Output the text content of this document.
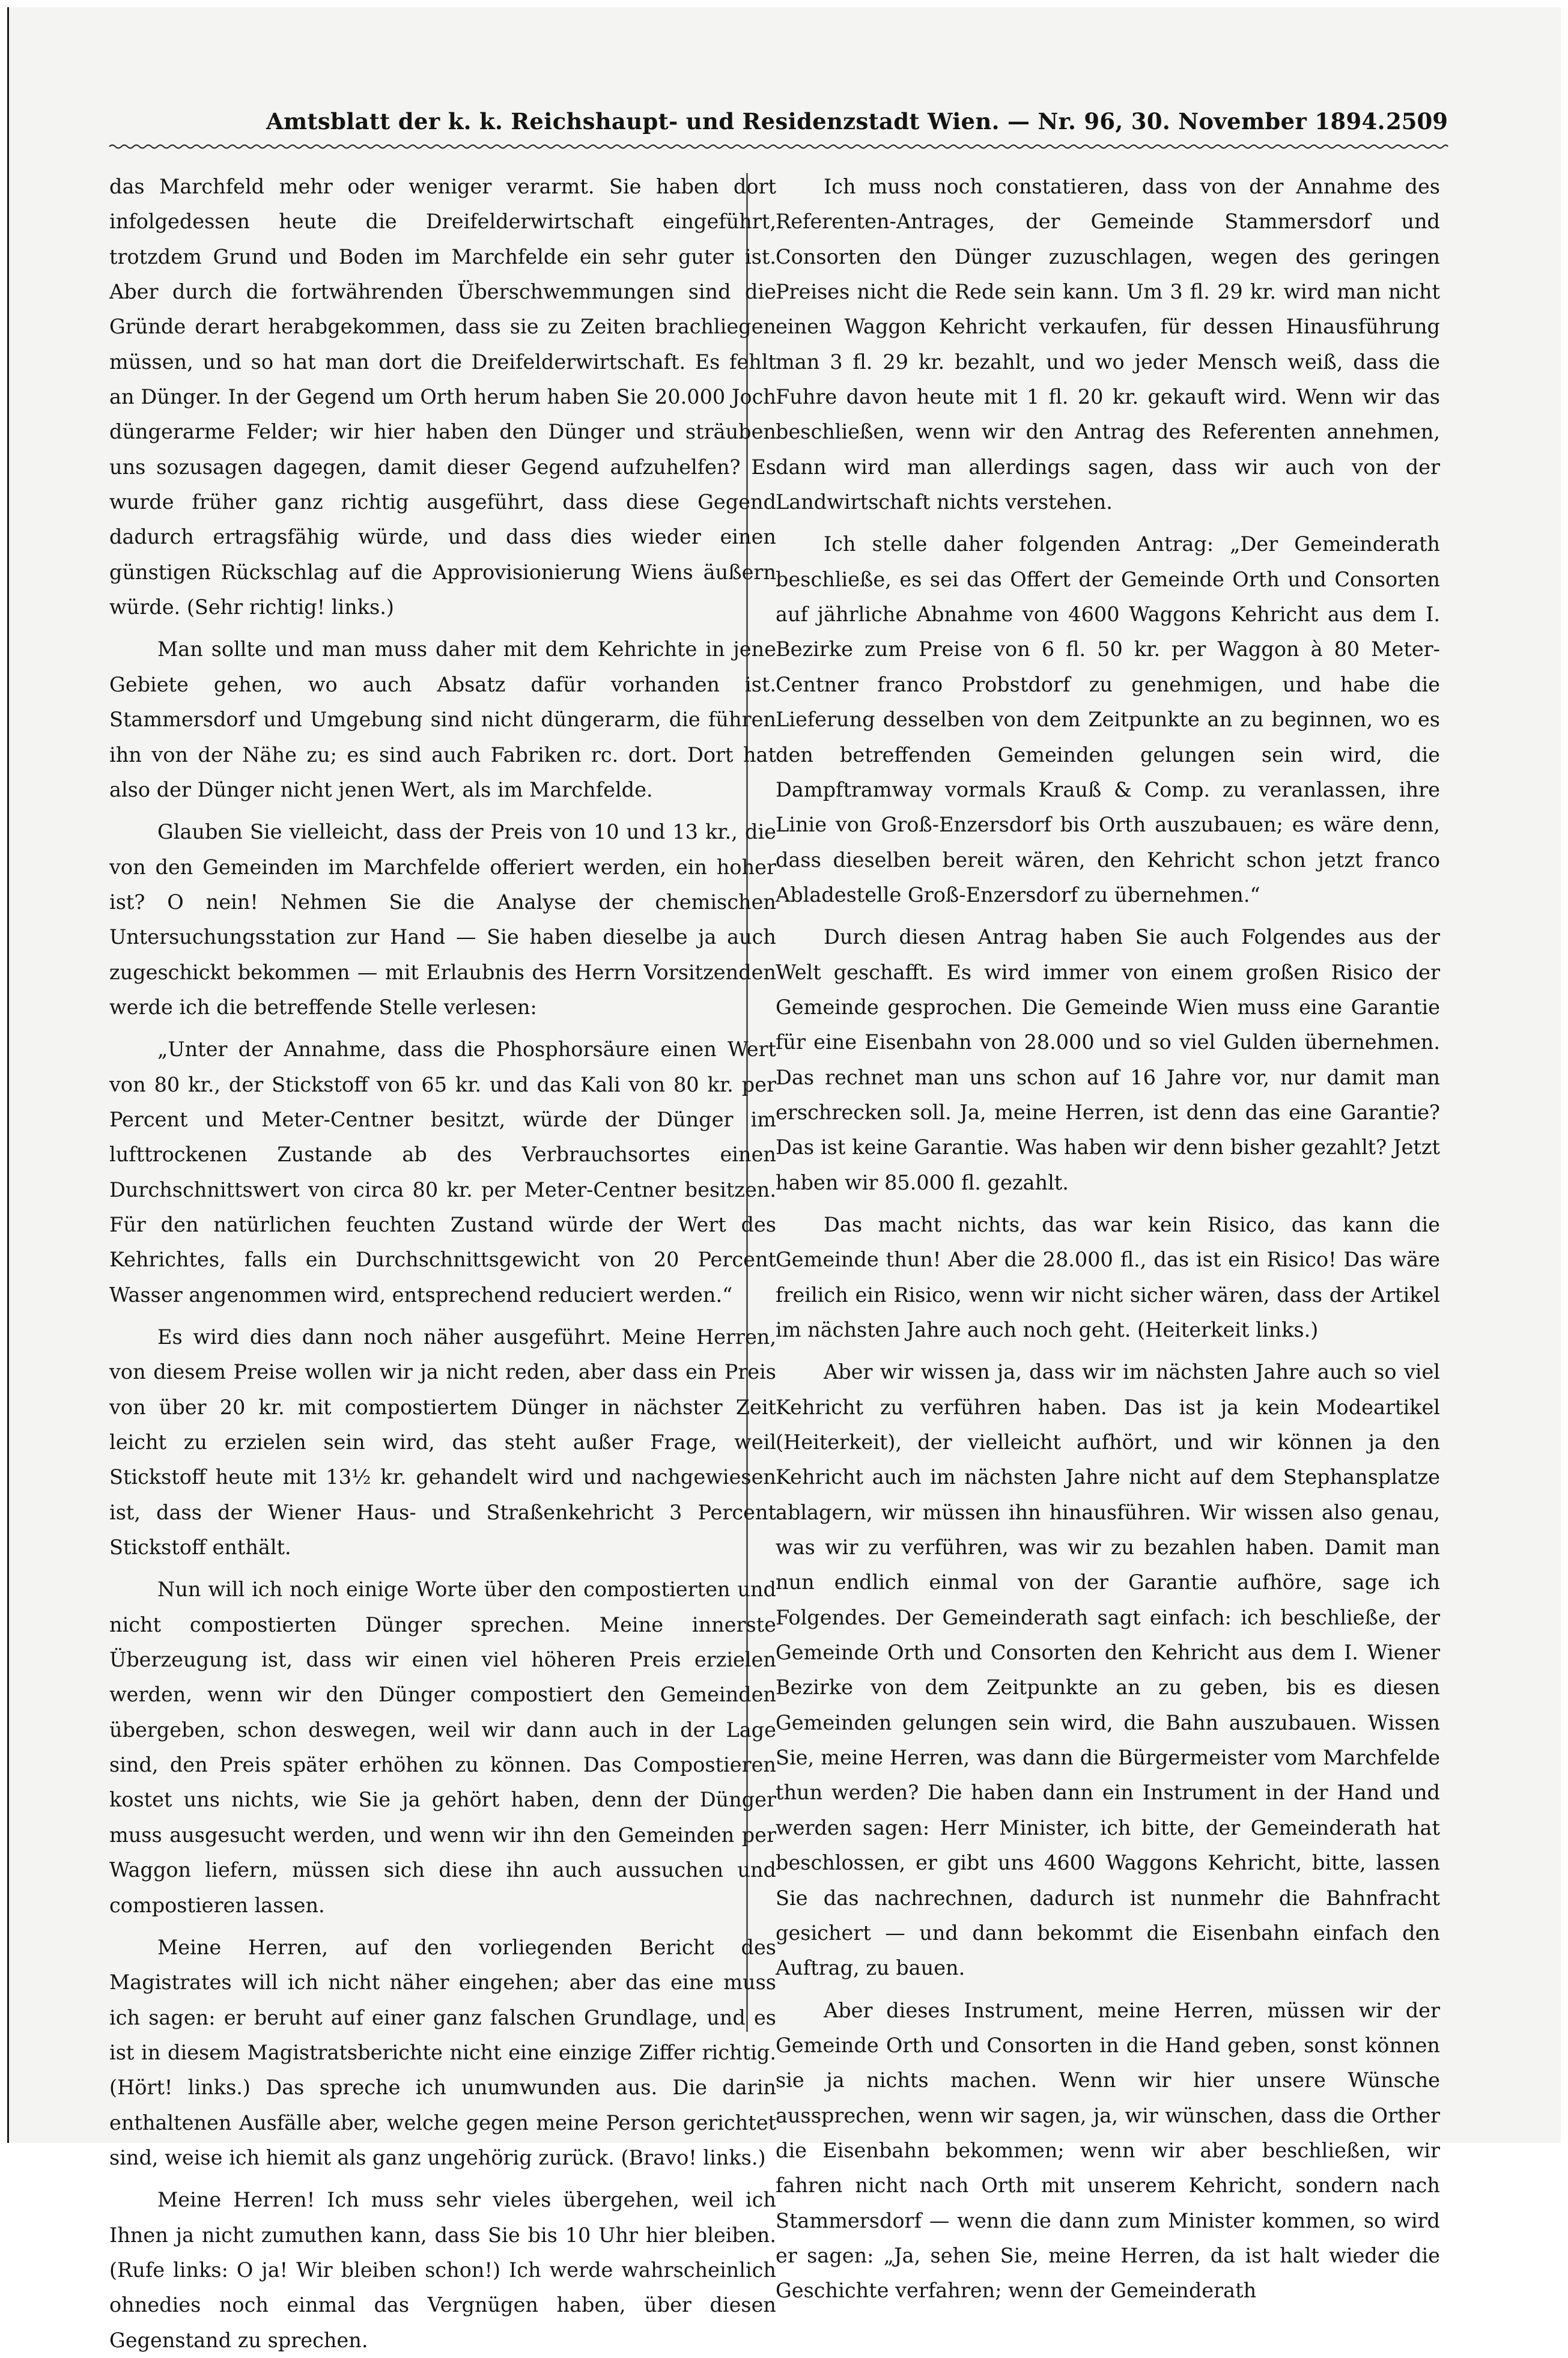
Amtsblatt der k. k. Reichshaupt- und Residenzstadt Wien. — Nr. 96, 30. November 1894. 2509

das Marchfeld mehr oder weniger verarmt. Sie haben dort infolgedessen heute die Dreifelderwirtschaft eingeführt, trotzdem Grund und Boden im Marchfelde ein sehr guter ist. Aber durch die fortwährenden Überschwemmungen sind die Gründe derart herabgekommen, dass sie zu Zeiten brachliegen müssen, und so hat man dort die Dreifelderwirtschaft. Es fehlt an Dünger. In der Gegend um Orth herum haben Sie 20.000 Joch düngerarme Felder; wir hier haben den Dünger und sträuben uns sozusagen dagegen, damit dieser Gegend aufzuhelfen? Es wurde früher ganz richtig ausgeführt, dass diese Gegend dadurch ertragsfähig würde, und dass dies wieder einen günstigen Rückschlag auf die Approvisionierung Wiens äußern würde. (Sehr richtig! links.)

Man sollte und man muss daher mit dem Kehrichte in jene Gebiete gehen, wo auch Absatz dafür vorhanden ist. Stammersdorf und Umgebung sind nicht düngerarm, die führen ihn von der Nähe zu; es sind auch Fabriken rc. dort. Dort hat also der Dünger nicht jenen Wert, als im Marchfelde.

Glauben Sie vielleicht, dass der Preis von 10 und 13 kr., die von den Gemeinden im Marchfelde offeriert werden, ein hoher ist? O nein! Nehmen Sie die Analyse der chemischen Untersuchungsstation zur Hand — Sie haben dieselbe ja auch zugeschickt bekommen — mit Erlaubnis des Herrn Vorsitzenden werde ich die betreffende Stelle verlesen:

„Unter der Annahme, dass die Phosphorsäure einen Wert von 80 kr., der Stickstoff von 65 kr. und das Kali von 80 kr. per Percent und Meter-Centner besitzt, würde der Dünger im lufttrockenen Zustande ab des Verbrauchsortes einen Durchschnittswert von circa 80 kr. per Meter-Centner besitzen. Für den natürlichen feuchten Zustand würde der Wert des Kehrichtes, falls ein Durchschnittsgewicht von 20 Percent Wasser angenommen wird, entsprechend reduciert werden.“

Es wird dies dann noch näher ausgeführt. Meine Herren, von diesem Preise wollen wir ja nicht reden, aber dass ein Preis von über 20 kr. mit compostiertem Dünger in nächster Zeit leicht zu erzielen sein wird, das steht außer Frage, weil Stickstoff heute mit 13½ kr. gehandelt wird und nachgewiesen ist, dass der Wiener Haus- und Straßenkehricht 3 Percent Stickstoff enthält.

Nun will ich noch einige Worte über den compostierten und nicht compostierten Dünger sprechen. Meine innerste Überzeugung ist, dass wir einen viel höheren Preis erzielen werden, wenn wir den Dünger compostiert den Gemeinden übergeben, schon deswegen, weil wir dann auch in der Lage sind, den Preis später erhöhen zu können. Das Compostieren kostet uns nichts, wie Sie ja gehört haben, denn der Dünger muss ausgesucht werden, und wenn wir ihn den Gemeinden per Waggon liefern, müssen sich diese ihn auch aussuchen und compostieren lassen.

Meine Herren, auf den vorliegenden Bericht des Magistrates will ich nicht näher eingehen; aber das eine muss ich sagen: er beruht auf einer ganz falschen Grundlage, und es ist in diesem Magistratsberichte nicht eine einzige Ziffer richtig. (Hört! links.) Das spreche ich unumwunden aus. Die darin enthaltenen Ausfälle aber, welche gegen meine Person gerichtet sind, weise ich hiemit als ganz ungehörig zurück. (Bravo! links.)

Meine Herren! Ich muss sehr vieles übergehen, weil ich Ihnen ja nicht zumuthen kann, dass Sie bis 10 Uhr hier bleiben. (Rufe links: O ja! Wir bleiben schon!) Ich werde wahrscheinlich ohnedies noch einmal das Vergnügen haben, über diesen Gegenstand zu sprechen.

Ich muss noch constatieren, dass von der Annahme des Referenten-Antrages, der Gemeinde Stammersdorf und Consorten den Dünger zuzuschlagen, wegen des geringen Preises nicht die Rede sein kann. Um 3 fl. 29 kr. wird man nicht einen Waggon Kehricht verkaufen, für dessen Hinausführung man 3 fl. 29 kr. bezahlt, und wo jeder Mensch weiß, dass die Fuhre davon heute mit 1 fl. 20 kr. gekauft wird. Wenn wir das beschließen, wenn wir den Antrag des Referenten annehmen, dann wird man allerdings sagen, dass wir auch von der Landwirtschaft nichts verstehen.

Ich stelle daher folgenden Antrag: „Der Gemeinderath beschließe, es sei das Offert der Gemeinde Orth und Consorten auf jährliche Abnahme von 4600 Waggons Kehricht aus dem I. Bezirke zum Preise von 6 fl. 50 kr. per Waggon à 80 Meter-Centner franco Probstdorf zu genehmigen, und habe die Lieferung desselben von dem Zeitpunkte an zu beginnen, wo es den betreffenden Gemeinden gelungen sein wird, die Dampftramway vormals Krauß & Comp. zu veranlassen, ihre Linie von Groß-Enzersdorf bis Orth auszubauen; es wäre denn, dass dieselben bereit wären, den Kehricht schon jetzt franco Abladestelle Groß-Enzersdorf zu übernehmen.“

Durch diesen Antrag haben Sie auch Folgendes aus der Welt geschafft. Es wird immer von einem großen Risico der Gemeinde gesprochen. Die Gemeinde Wien muss eine Garantie für eine Eisenbahn von 28.000 und so viel Gulden übernehmen. Das rechnet man uns schon auf 16 Jahre vor, nur damit man erschrecken soll. Ja, meine Herren, ist denn das eine Garantie? Das ist keine Garantie. Was haben wir denn bisher gezahlt? Jetzt haben wir 85.000 fl. gezahlt.

Das macht nichts, das war kein Risico, das kann die Gemeinde thun! Aber die 28.000 fl., das ist ein Risico! Das wäre freilich ein Risico, wenn wir nicht sicher wären, dass der Artikel im nächsten Jahre auch noch geht. (Heiterkeit links.)

Aber wir wissen ja, dass wir im nächsten Jahre auch so viel Kehricht zu verführen haben. Das ist ja kein Modeartikel (Heiterkeit), der vielleicht aufhört, und wir können ja den Kehricht auch im nächsten Jahre nicht auf dem Stephansplatze ablagern, wir müssen ihn hinausführen. Wir wissen also genau, was wir zu verführen, was wir zu bezahlen haben. Damit man nun endlich einmal von der Garantie aufhöre, sage ich Folgendes. Der Gemeinderath sagt einfach: ich beschließe, der Gemeinde Orth und Consorten den Kehricht aus dem I. Wiener Bezirke von dem Zeitpunkte an zu geben, bis es diesen Gemeinden gelungen sein wird, die Bahn auszubauen. Wissen Sie, meine Herren, was dann die Bürgermeister vom Marchfelde thun werden? Die haben dann ein Instrument in der Hand und werden sagen: Herr Minister, ich bitte, der Gemeinderath hat beschlossen, er gibt uns 4600 Waggons Kehricht, bitte, lassen Sie das nachrechnen, dadurch ist nunmehr die Bahnfracht gesichert — und dann bekommt die Eisenbahn einfach den Auftrag, zu bauen.

Aber dieses Instrument, meine Herren, müssen wir der Gemeinde Orth und Consorten in die Hand geben, sonst können sie ja nichts machen. Wenn wir hier unsere Wünsche aussprechen, wenn wir sagen, ja, wir wünschen, dass die Orther die Eisenbahn bekommen; wenn wir aber beschließen, wir fahren nicht nach Orth mit unserem Kehricht, sondern nach Stammersdorf — wenn die dann zum Minister kommen, so wird er sagen: „Ja, sehen Sie, meine Herren, da ist halt wieder die Geschichte verfahren; wenn der Gemeinderath
